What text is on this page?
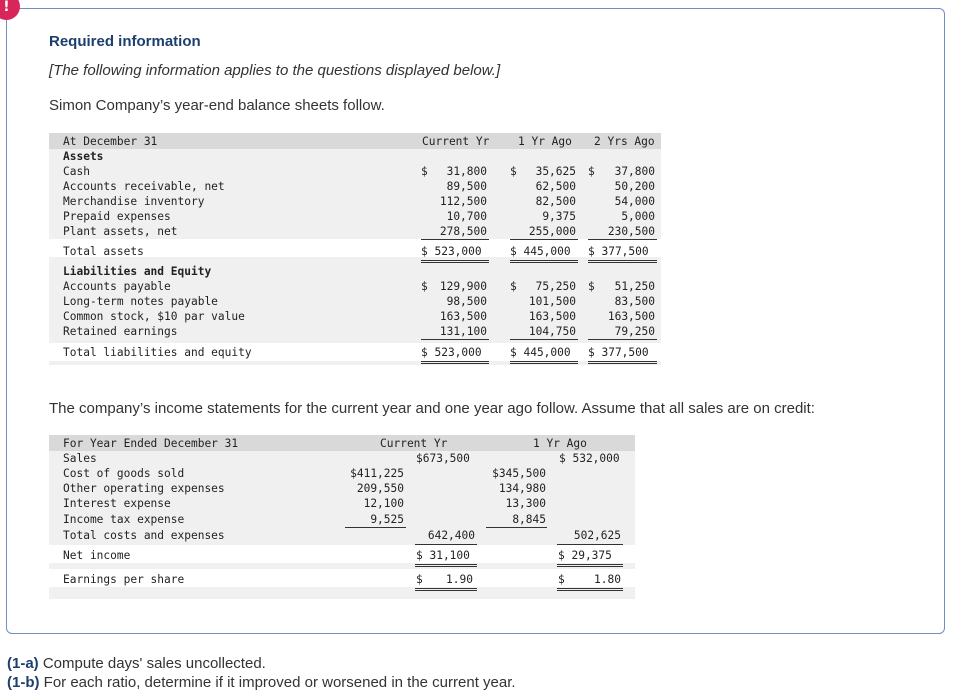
!
Required information
[The following information applies to the questions displayed below.]
Simon Company’s year-end balance sheets follow.
At December 31	Current Yr	1 Yr Ago 2 Yrs Ago
Assets
Cash	$	31,800 $	35,625 $	37,800
Accounts receivable, net	89,500	62,500	50,200
Merchandise inventory	112,500	82,500	54,000
Prepaid expenses	10,700	9,375	5,000
Plant assets, net	278,500	255,000	230,500
Total assets	$ 523,000	$ 445,000 $ 377,500
Liabilities and Equity
Accounts payable	$	129,900 $	75,250 $	51,250
Long-term notes payable	98,500	101,500	83,500
Common stock, $10 par value	163,500	163,500	163,500
Retained earnings	131,100	104,750	79,250
Total liabilities and equity	$ 523,000	$ 445,000 $ 377,500
The company’s income statements for the current year and one year ago follow. Assume that all sales are on credit:
For Year Ended December 31	Current Yr	1 Yr Ago
Sales	$673,500	$ 532,000
Cost of goods sold	$411,225	$345,500
Other operating expenses	209,550	134,980
Interest expense	12,100	13,300
Income tax expense	9,525	8,845
Total costs and expenses	642,400	502,625
Net income	$ 31,100	$ 29,375
Earnings per share	$	1.90	$	1.80
(1-a) Compute days' sales uncollected.
(1-b) For each ratio, determine if it improved or worsened in the current year.
